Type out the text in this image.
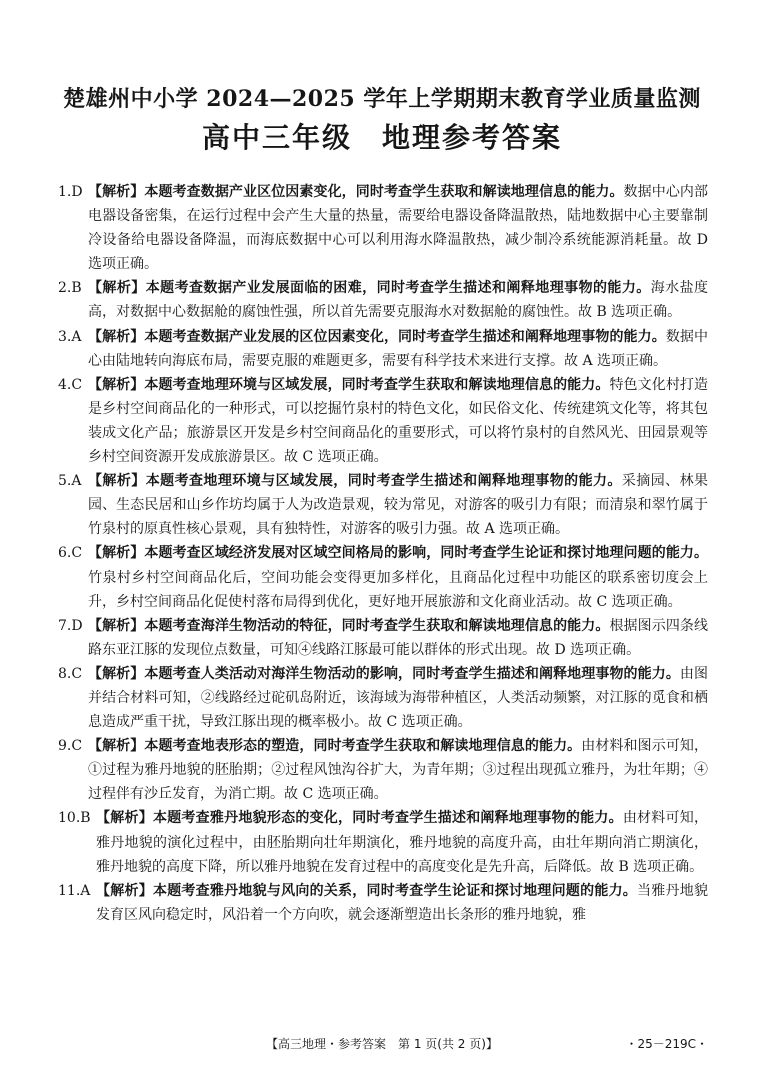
楚雄州中小学 2024—2025 学年上学期期末教育学业质量监测
高中三年级　地理参考答案
1.D 【解析】本题考查数据产业区位因素变化，同时考查学生获取和解读地理信息的能力。数据中心内部电器设备密集，在运行过程中会产生大量的热量，需要给电器设备降温散热，陆地数据中心主要靠制冷设备给电器设备降温，而海底数据中心可以利用海水降温散热，减少制冷系统能源消耗量。故 D 选项正确。
2.B 【解析】本题考查数据产业发展面临的困难，同时考查学生描述和阐释地理事物的能力。海水盐度高，对数据中心数据舱的腐蚀性强，所以首先需要克服海水对数据舱的腐蚀性。故 B 选项正确。
3.A 【解析】本题考查数据产业发展的区位因素变化，同时考查学生描述和阐释地理事物的能力。数据中心由陆地转向海底布局，需要克服的难题更多，需要有科学技术来进行支撑。故 A 选项正确。
4.C 【解析】本题考查地理环境与区域发展，同时考查学生获取和解读地理信息的能力。特色文化村打造是乡村空间商品化的一种形式，可以挖掘竹泉村的特色文化，如民俗文化、传统建筑文化等，将其包装成文化产品；旅游景区开发是乡村空间商品化的重要形式，可以将竹泉村的自然风光、田园景观等乡村空间资源开发成旅游景区。故 C 选项正确。
5.A 【解析】本题考查地理环境与区域发展，同时考查学生描述和阐释地理事物的能力。采摘园、林果园、生态民居和山乡作坊均属于人为改造景观，较为常见，对游客的吸引力有限；而清泉和翠竹属于竹泉村的原真性核心景观，具有独特性，对游客的吸引力强。故 A 选项正确。
6.C 【解析】本题考查区域经济发展对区域空间格局的影响，同时考查学生论证和探讨地理问题的能力。竹泉村乡村空间商品化后，空间功能会变得更加多样化，且商品化过程中功能区的联系密切度会上升，乡村空间商品化促使村落布局得到优化，更好地开展旅游和文化商业活动。故 C 选项正确。
7.D 【解析】本题考查海洋生物活动的特征，同时考查学生获取和解读地理信息的能力。根据图示四条线路东亚江豚的发现位点数量，可知④线路江豚最可能以群体的形式出现。故 D 选项正确。
8.C 【解析】本题考查人类活动对海洋生物活动的影响，同时考查学生描述和阐释地理事物的能力。由图并结合材料可知，②线路经过砣矶岛附近，该海域为海带种植区，人类活动频繁，对江豚的觅食和栖息造成严重干扰，导致江豚出现的概率极小。故 C 选项正确。
9.C 【解析】本题考查地表形态的塑造，同时考查学生获取和解读地理信息的能力。由材料和图示可知，①过程为雅丹地貌的胚胎期；②过程风蚀沟谷扩大，为青年期；③过程出现孤立雅丹，为壮年期；④过程伴有沙丘发育，为消亡期。故 C 选项正确。
10.B 【解析】本题考查雅丹地貌形态的变化，同时考查学生描述和阐释地理事物的能力。由材料可知，雅丹地貌的演化过程中，由胚胎期向壮年期演化，雅丹地貌的高度升高，由壮年期向消亡期演化，雅丹地貌的高度下降，所以雅丹地貌在发育过程中的高度变化是先升高，后降低。故 B 选项正确。
11.A 【解析】本题考查雅丹地貌与风向的关系，同时考查学生论证和探讨地理问题的能力。当雅丹地貌发育区风向稳定时，风沿着一个方向吹，就会逐渐塑造出长条形的雅丹地貌，雅
【高三地理・参考答案　第 1 页(共 2 页)】	・25－219C・
